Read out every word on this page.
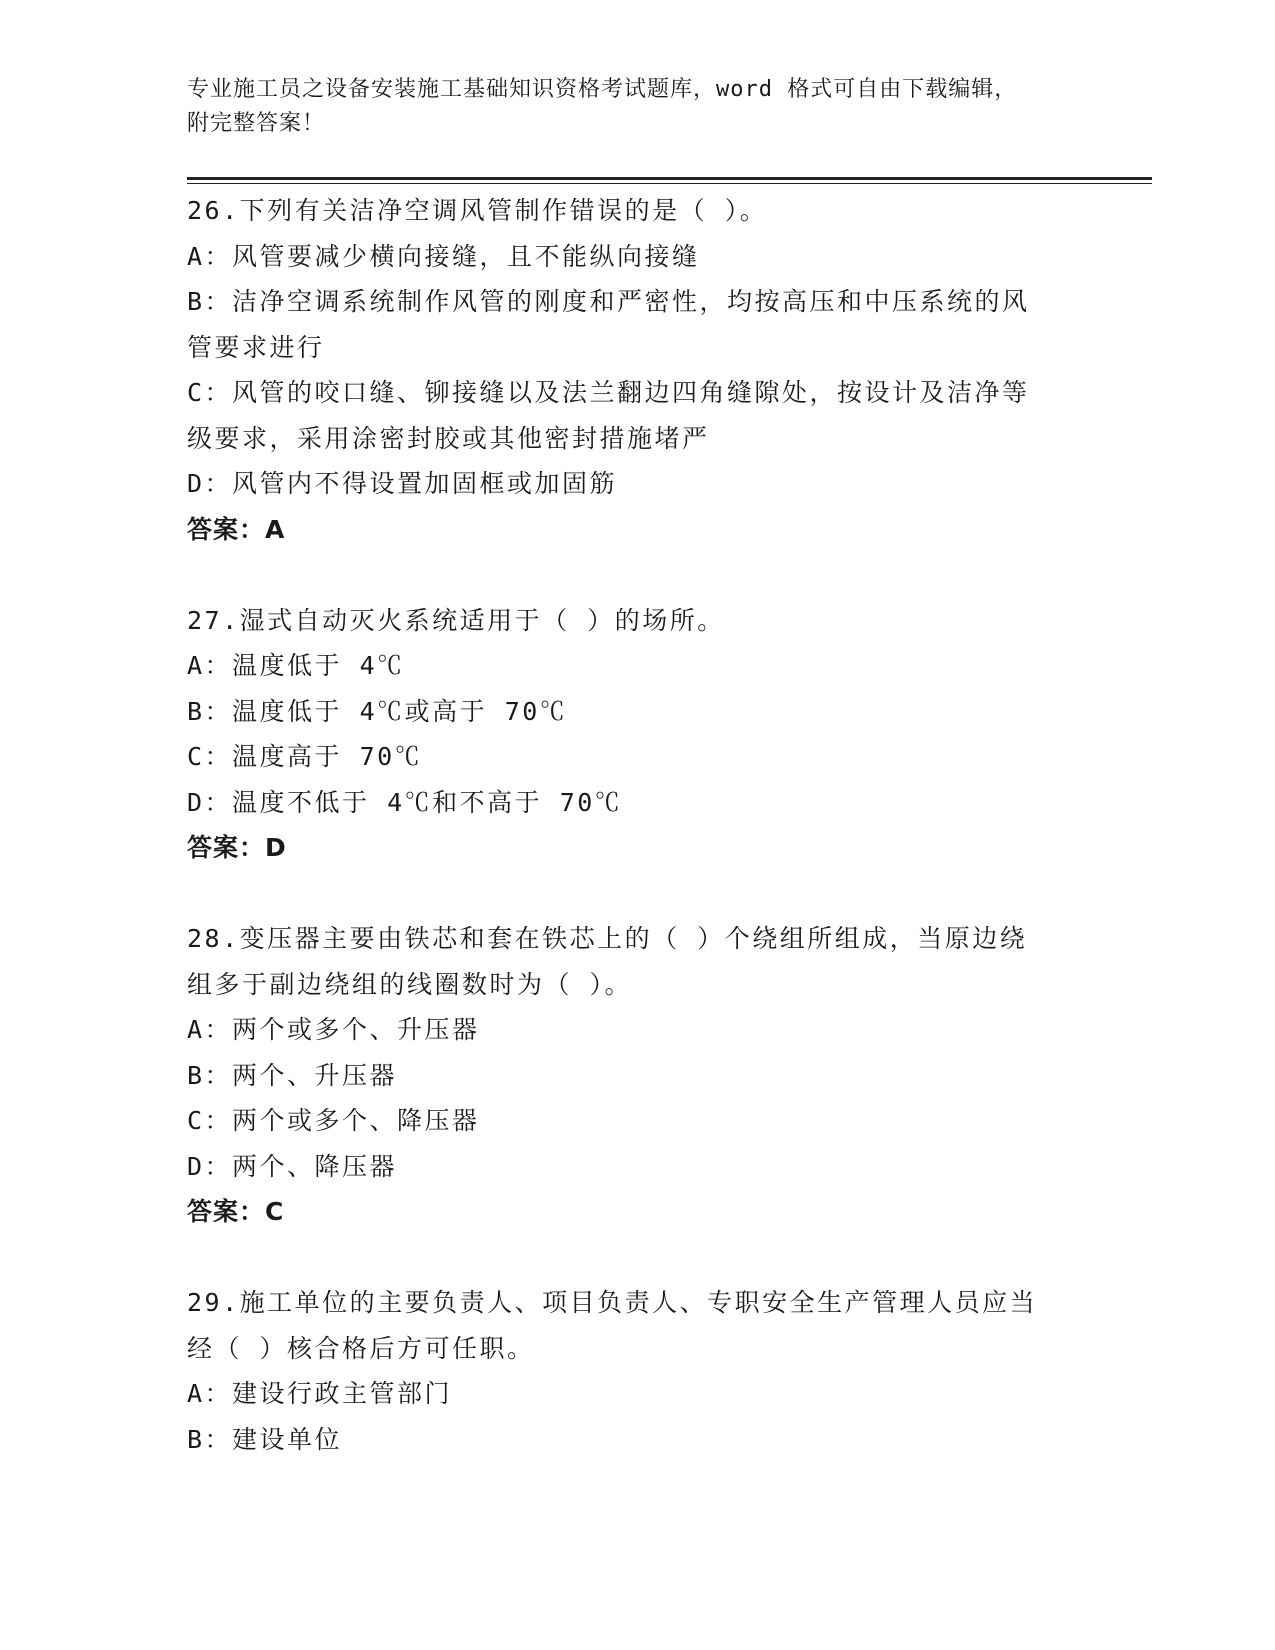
专业施工员之设备安装施工基础知识资格考试题库，word 格式可自由下载编辑，
附完整答案！
26.下列有关洁净空调风管制作错误的是（ ）。
A：风管要减少横向接缝，且不能纵向接缝
B：洁净空调系统制作风管的刚度和严密性，均按高压和中压系统的风
管要求进行
C：风管的咬口缝、铆接缝以及法兰翻边四角缝隙处，按设计及洁净等
级要求，采用涂密封胶或其他密封措施堵严
D：风管内不得设置加固框或加固筋
答案：A
27.湿式自动灭火系统适用于（ ）的场所。
A：温度低于 4℃
B：温度低于 4℃或高于 70℃
C：温度高于 70℃
D：温度不低于 4℃和不高于 70℃
答案：D
28.变压器主要由铁芯和套在铁芯上的（ ）个绕组所组成，当原边绕
组多于副边绕组的线圈数时为（ ）。
A：两个或多个、升压器
B：两个、升压器
C：两个或多个、降压器
D：两个、降压器
答案：C
29.施工单位的主要负责人、项目负责人、专职安全生产管理人员应当
经（ ）核合格后方可任职。
A：建设行政主管部门
B：建设单位
